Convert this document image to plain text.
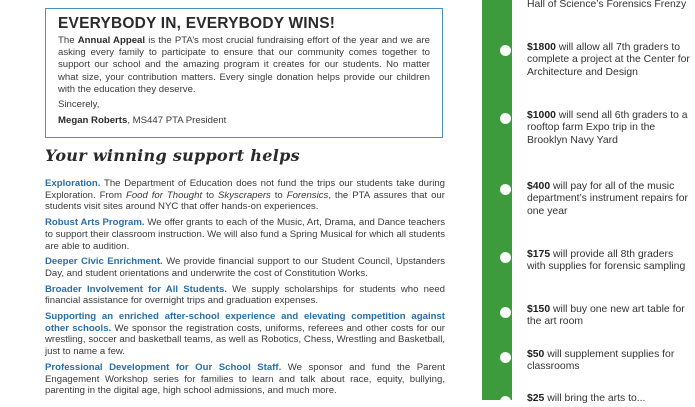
EVERYBODY IN, EVERYBODY WINS!

The Annual Appeal is the PTA’s most crucial fundraising effort of the year and we are asking every family to participate to ensure that our community comes together to support our school and the amazing program it creates for our students. No matter what size, your contribution matters. Every single donation helps provide our children with the education they deserve.

Sincerely,
Megan Roberts, MS447 PTA President
Your winning support helps

Exploration. The Department of Education does not fund the trips our students take during Exploration. From Food for Thought to Skyscrapers to Forensics, the PTA assures that our students visit sites around NYC that offer hands-on experiences.

Robust Arts Program. We offer grants to each of the Music, Art, Drama, and Dance teachers to support their classroom instruction. We will also fund a Spring Musical for which all students are able to audition.

Deeper Civic Enrichment. We provide financial support to our Student Council, Upstanders Day, and student orientations and underwrite the cost of Constitution Works.

Broader Involvement for All Students. We supply scholarships for students who need financial assistance for overnight trips and graduation expenses.

Supporting an enriched after-school experience and elevating competition against other schools. We sponsor the registration costs, uniforms, referees and other costs for our wrestling, soccer and basketball teams, as well as Robotics, Chess, Wrestling and Basketball, just to name a few.

Professional Development for Our School Staff. We sponsor and fund the Parent Engagement Workshop series for families to learn and talk about race, equity, bullying, parenting in the digital age, high school admissions, and much more.

Hall of Science’s Forensics Frenzy
$1800 will allow all 7th graders to complete a project at the Center for Architecture and Design
$1000 will send all 6th graders to a rooftop farm Expo trip in the Brooklyn Navy Yard
$400 will pay for all of the music department’s instrument repairs for one year
$175 will provide all 8th graders with supplies for forensic sampling
$150 will buy one new art table for the art room
$50 will supplement supplies for classrooms
$25 will bring the arts to...
